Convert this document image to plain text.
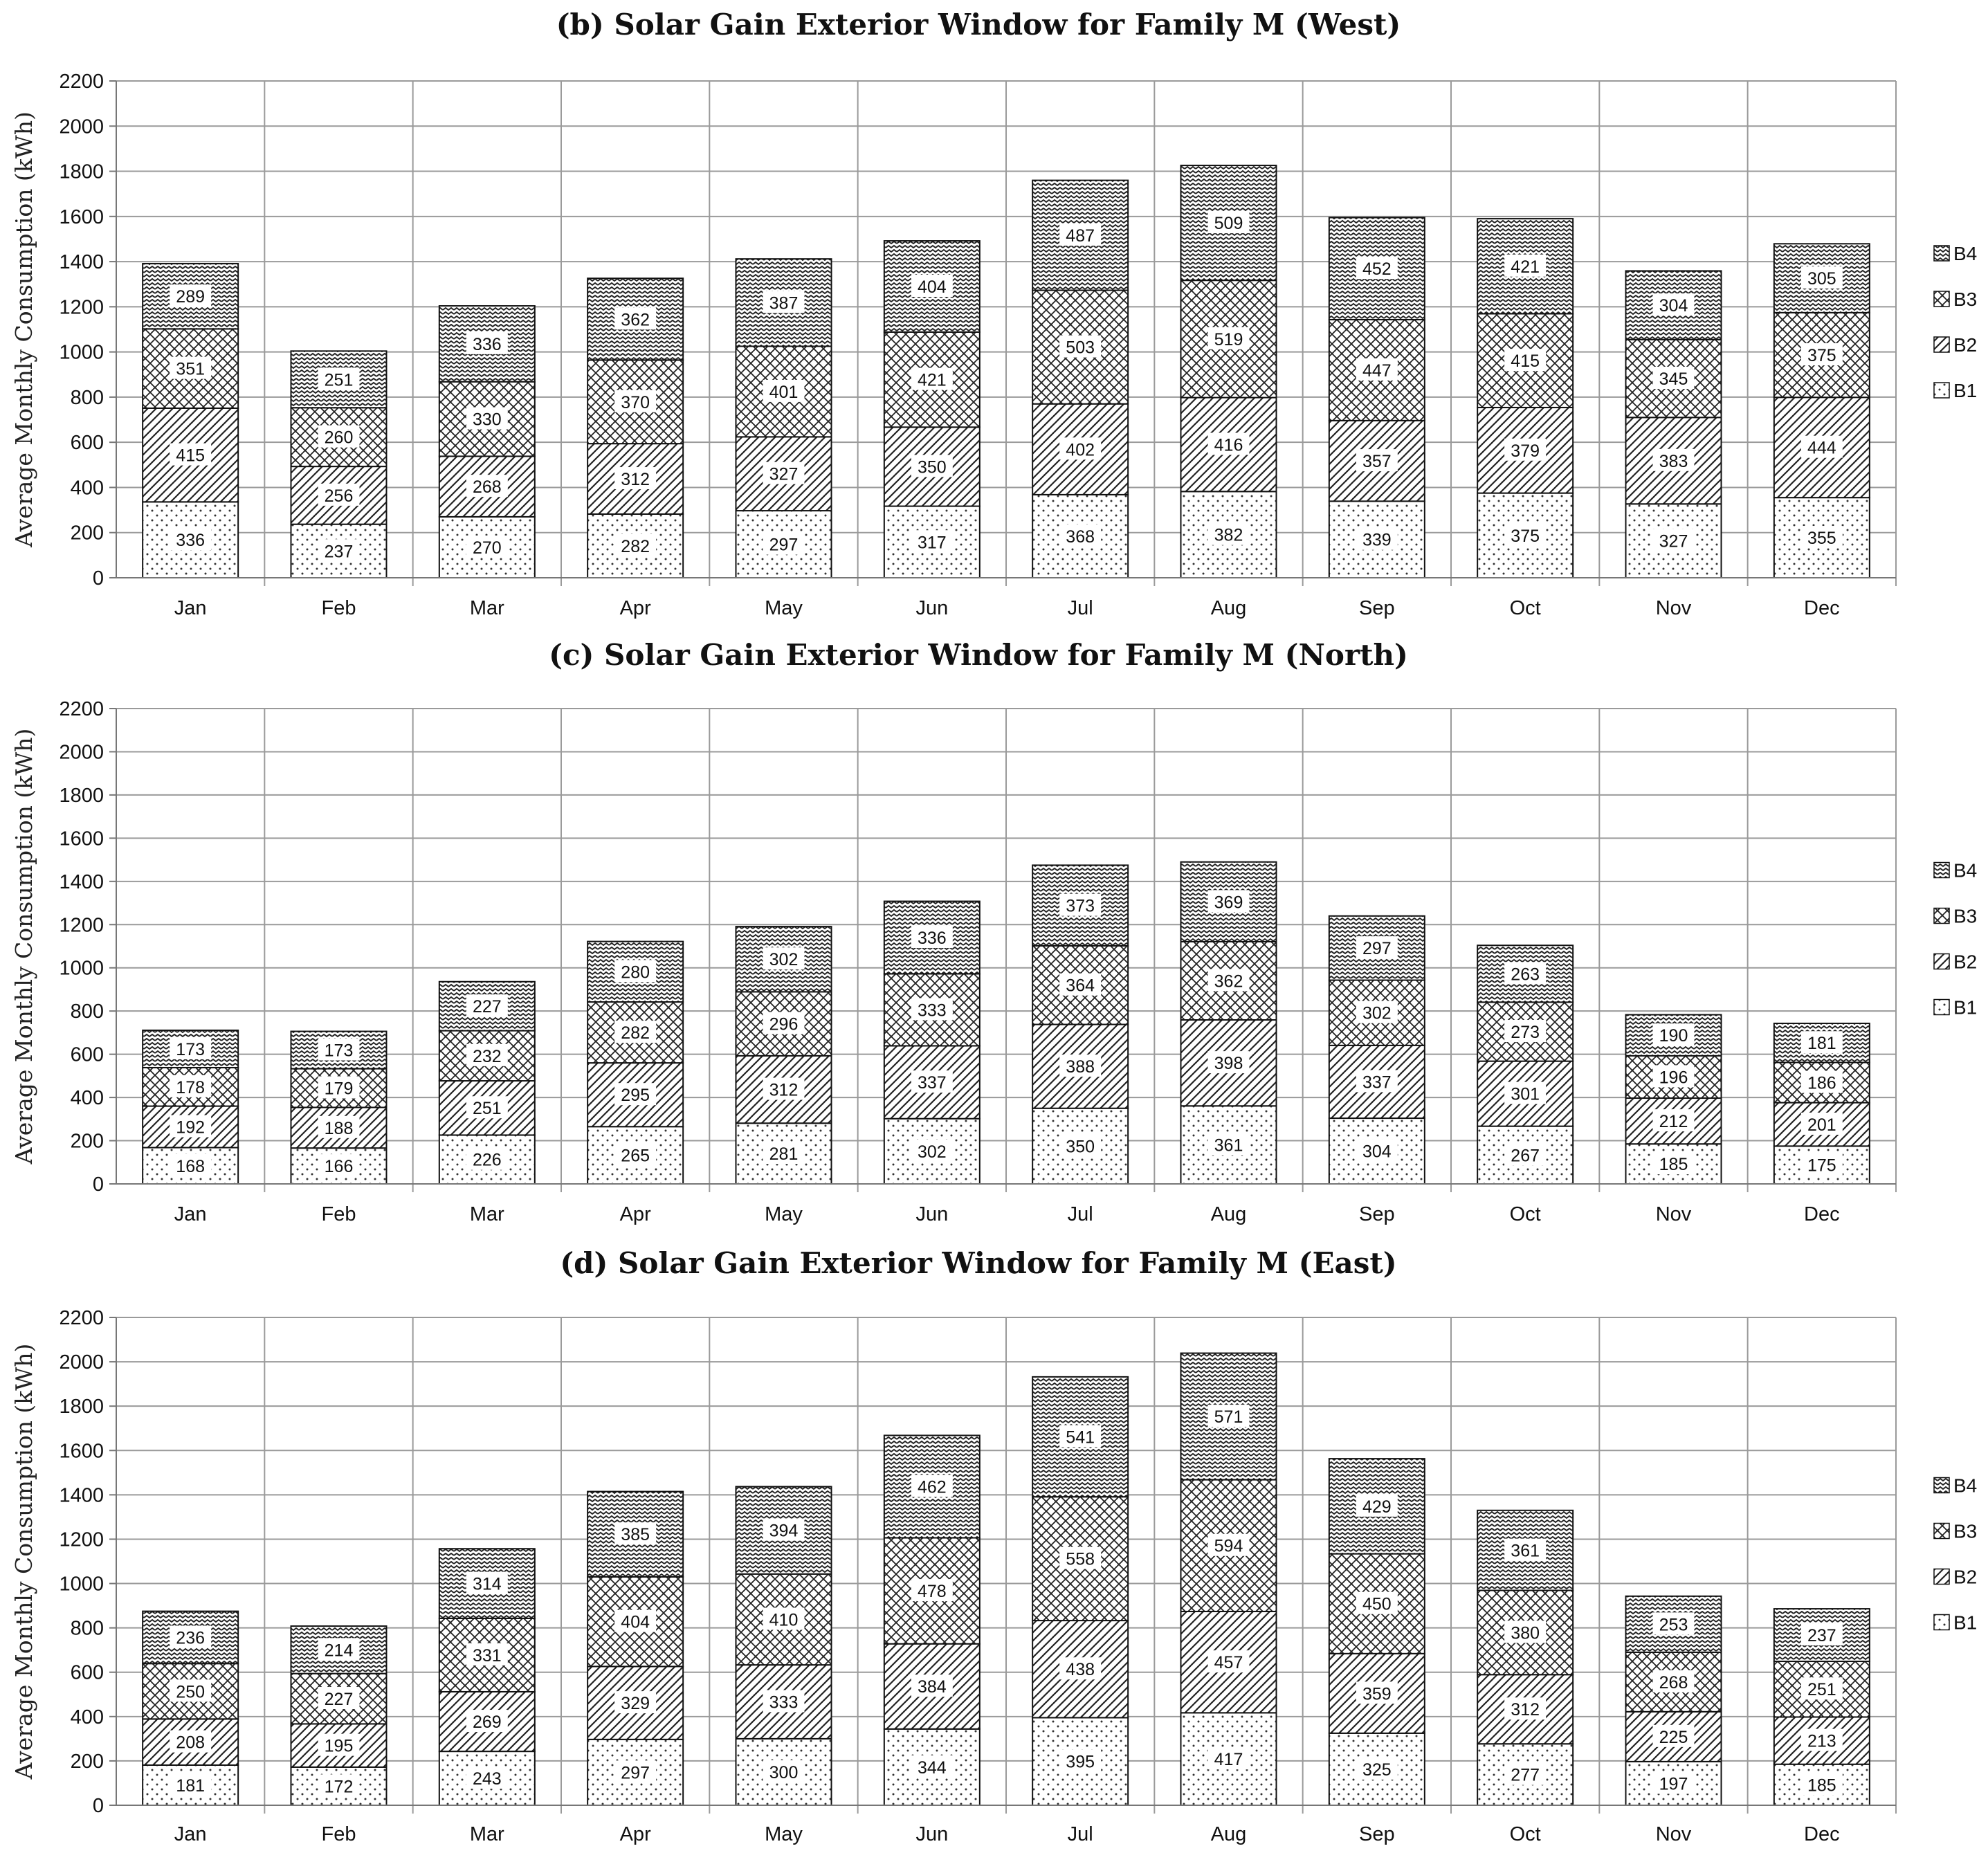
(b) Solar Gain Exterior Window for Family M (West)
Average Monthly Consumption (kWh)
0
200
400
600
800
1000
1200
1400
1600
1800
2000
2200
336
415
351
289
Jan
237
256
260
251
Feb
270
268
330
336
Mar
282
312
370
362
Apr
297
327
401
387
May
317
350
421
404
Jun
368
402
503
487
Jul
382
416
519
509
Aug
339
357
447
452
Sep
375
379
415
421
Oct
327
383
345
304
Nov
355
444
375
305
Dec
B4
B3
B2
B1
(c) Solar Gain Exterior Window for Family M (North)
Average Monthly Consumption (kWh)
0
200
400
600
800
1000
1200
1400
1600
1800
2000
2200
168
192
178
173
Jan
166
188
179
173
Feb
226
251
232
227
Mar
265
295
282
280
Apr
281
312
296
302
May
302
337
333
336
Jun
350
388
364
373
Jul
361
398
362
369
Aug
304
337
302
297
Sep
267
301
273
263
Oct
185
212
196
190
Nov
175
201
186
181
Dec
B4
B3
B2
B1
(d) Solar Gain Exterior Window for Family M (East)
Average Monthly Consumption (kWh)
0
200
400
600
800
1000
1200
1400
1600
1800
2000
2200
181
208
250
236
Jan
172
195
227
214
Feb
243
269
331
314
Mar
297
329
404
385
Apr
300
333
410
394
May
344
384
478
462
Jun
395
438
558
541
Jul
417
457
594
571
Aug
325
359
450
429
Sep
277
312
380
361
Oct
197
225
268
253
Nov
185
213
251
237
Dec
B4
B3
B2
B1
